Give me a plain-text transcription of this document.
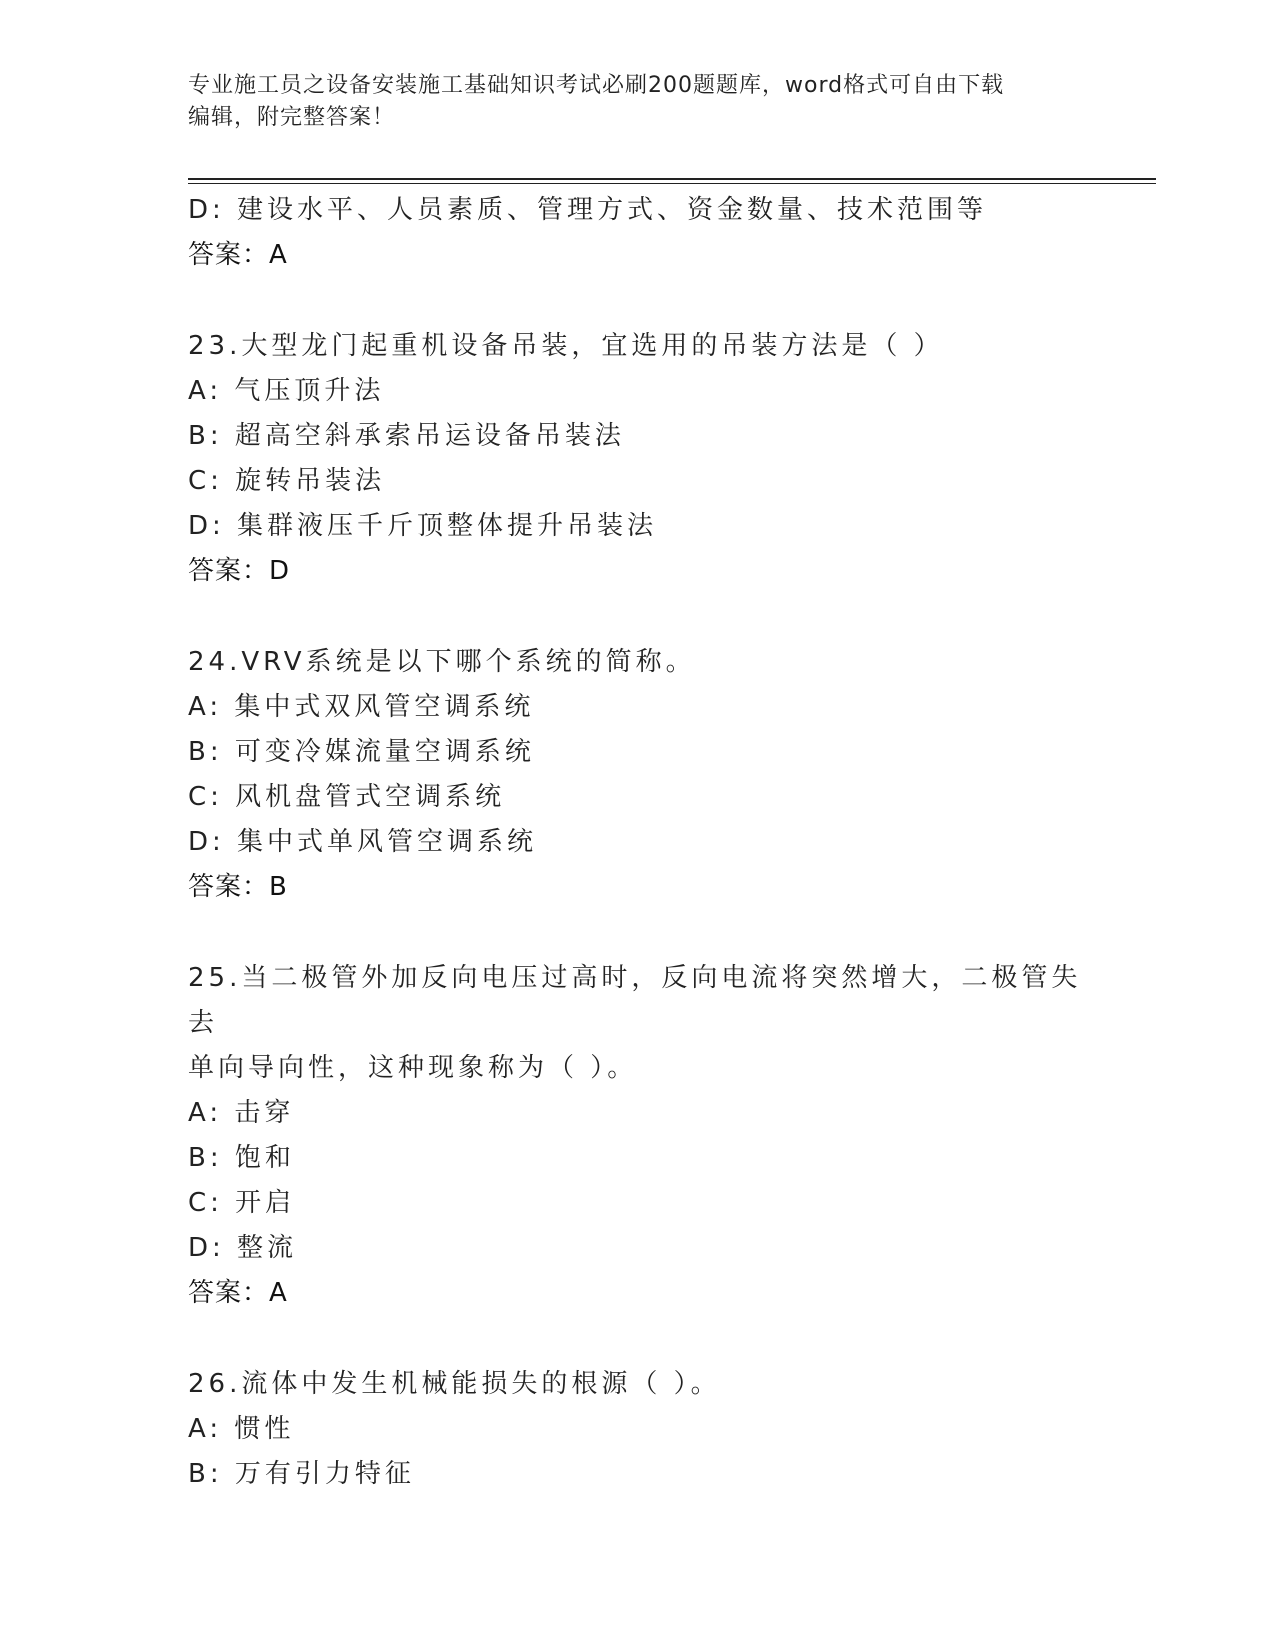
专业施工员之设备安装施工基础知识考试必刷200题题库，word格式可自由下载
编辑，附完整答案！
D: 建设水平、人员素质、管理方式、资金数量、技术范围等
答案：A
23.大型龙门起重机设备吊装，宜选用的吊装方法是（ ）
A: 气压顶升法
B: 超高空斜承索吊运设备吊装法
C: 旋转吊装法
D: 集群液压千斤顶整体提升吊装法
答案：D
24.VRV系统是以下哪个系统的简称。
A: 集中式双风管空调系统
B: 可变冷媒流量空调系统
C: 风机盘管式空调系统
D: 集中式单风管空调系统
答案：B
25.当二极管外加反向电压过高时，反向电流将突然增大，二极管失去
单向导向性，这种现象称为（ ）。
A: 击穿
B: 饱和
C: 开启
D: 整流
答案：A
26.流体中发生机械能损失的根源（ ）。
A: 惯性
B: 万有引力特征
